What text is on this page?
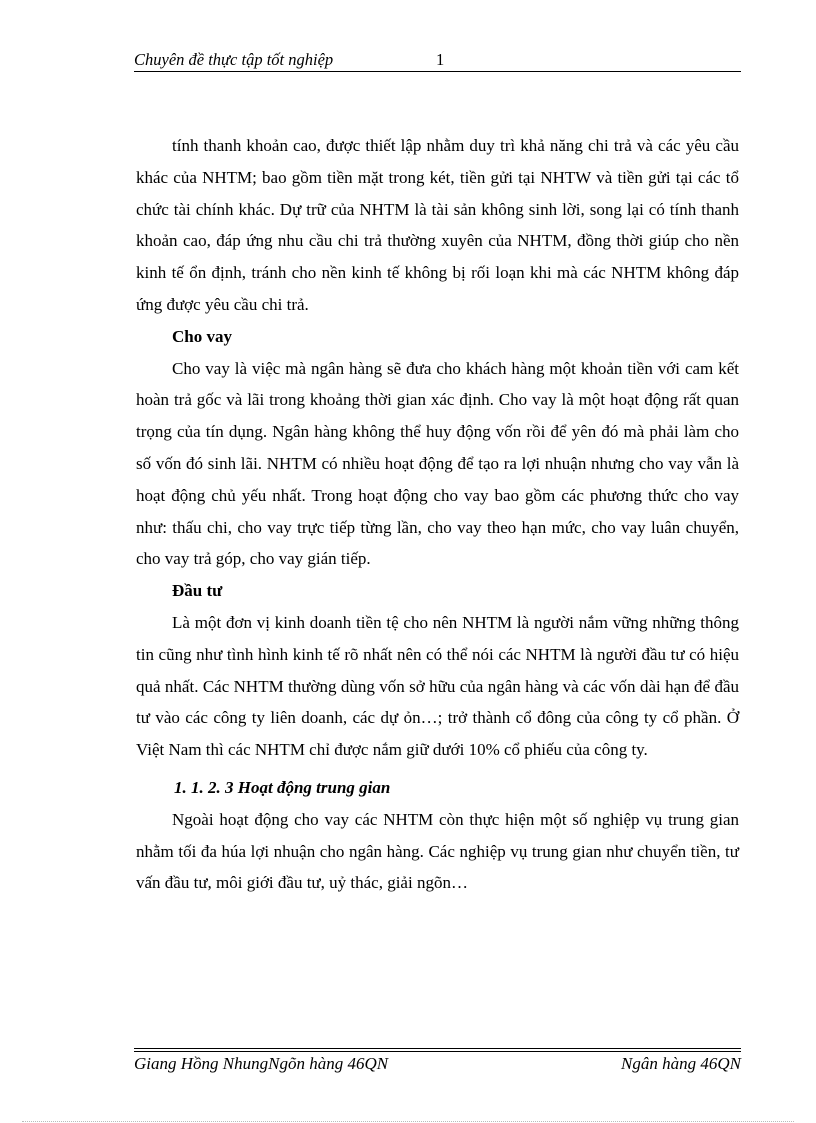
Chuyên đề thực tập tốt nghiệp	1

tính thanh khoản cao, được thiết lập nhằm duy trì khả năng chi trả và các yêu cầu khác của NHTM; bao gồm tiền mặt trong két, tiền gửi tại NHTW và tiền gửi tại các tổ chức tài chính khác. Dự trữ của NHTM là tài sản không sinh lời, song lại có tính thanh khoản cao, đáp ứng nhu cầu chi trả thường xuyên của NHTM, đồng thời giúp cho nền kinh tế ổn định, tránh cho nền kinh tế không bị rối loạn khi mà các NHTM không đáp ứng được yêu cầu chi trả.

Cho vay

Cho vay là việc mà ngân hàng sẽ đưa cho khách hàng một khoản tiền với cam kết hoàn trả gốc và lãi trong khoảng thời gian xác định. Cho vay là một hoạt động rất quan trọng của tín dụng. Ngân hàng không thể huy động vốn rồi để yên đó mà phải làm cho số vốn đó sinh lãi. NHTM có nhiều hoạt động để tạo ra lợi nhuận nhưng cho vay vẫn là hoạt động chủ yếu nhất. Trong hoạt động cho vay bao gồm các phương thức cho vay như: thấu chi, cho vay trực tiếp từng lần, cho vay theo hạn mức, cho vay luân chuyển, cho vay trả góp, cho vay gián tiếp.

Đầu tư

Là một đơn vị kinh doanh tiền tệ cho nên NHTM là người nắm vững những thông tin cũng như tình hình kinh tế rõ nhất nên có thể nói các NHTM là người đầu tư có hiệu quả nhất. Các NHTM thường dùng vốn sở hữu của ngân hàng và các vốn dài hạn để đầu tư vào các công ty liên doanh, các dự ỏn…; trở thành cổ đông của công ty cổ phần. Ở Việt Nam thì các NHTM chỉ được nắm giữ dưới 10% cổ phiếu của công ty.

1. 1. 2. 3 Hoạt động trung gian

Ngoài hoạt động cho vay các NHTM còn thực hiện một số nghiệp vụ trung gian nhằm tối đa húa lợi nhuận cho ngân hàng. Các nghiệp vụ trung gian như chuyển tiền, tư vấn đầu tư, môi giới đầu tư, uỷ thác, giải ngõn…

Giang Hồng NhungNgõn hàng 46QN	Ngân hàng 46QN
